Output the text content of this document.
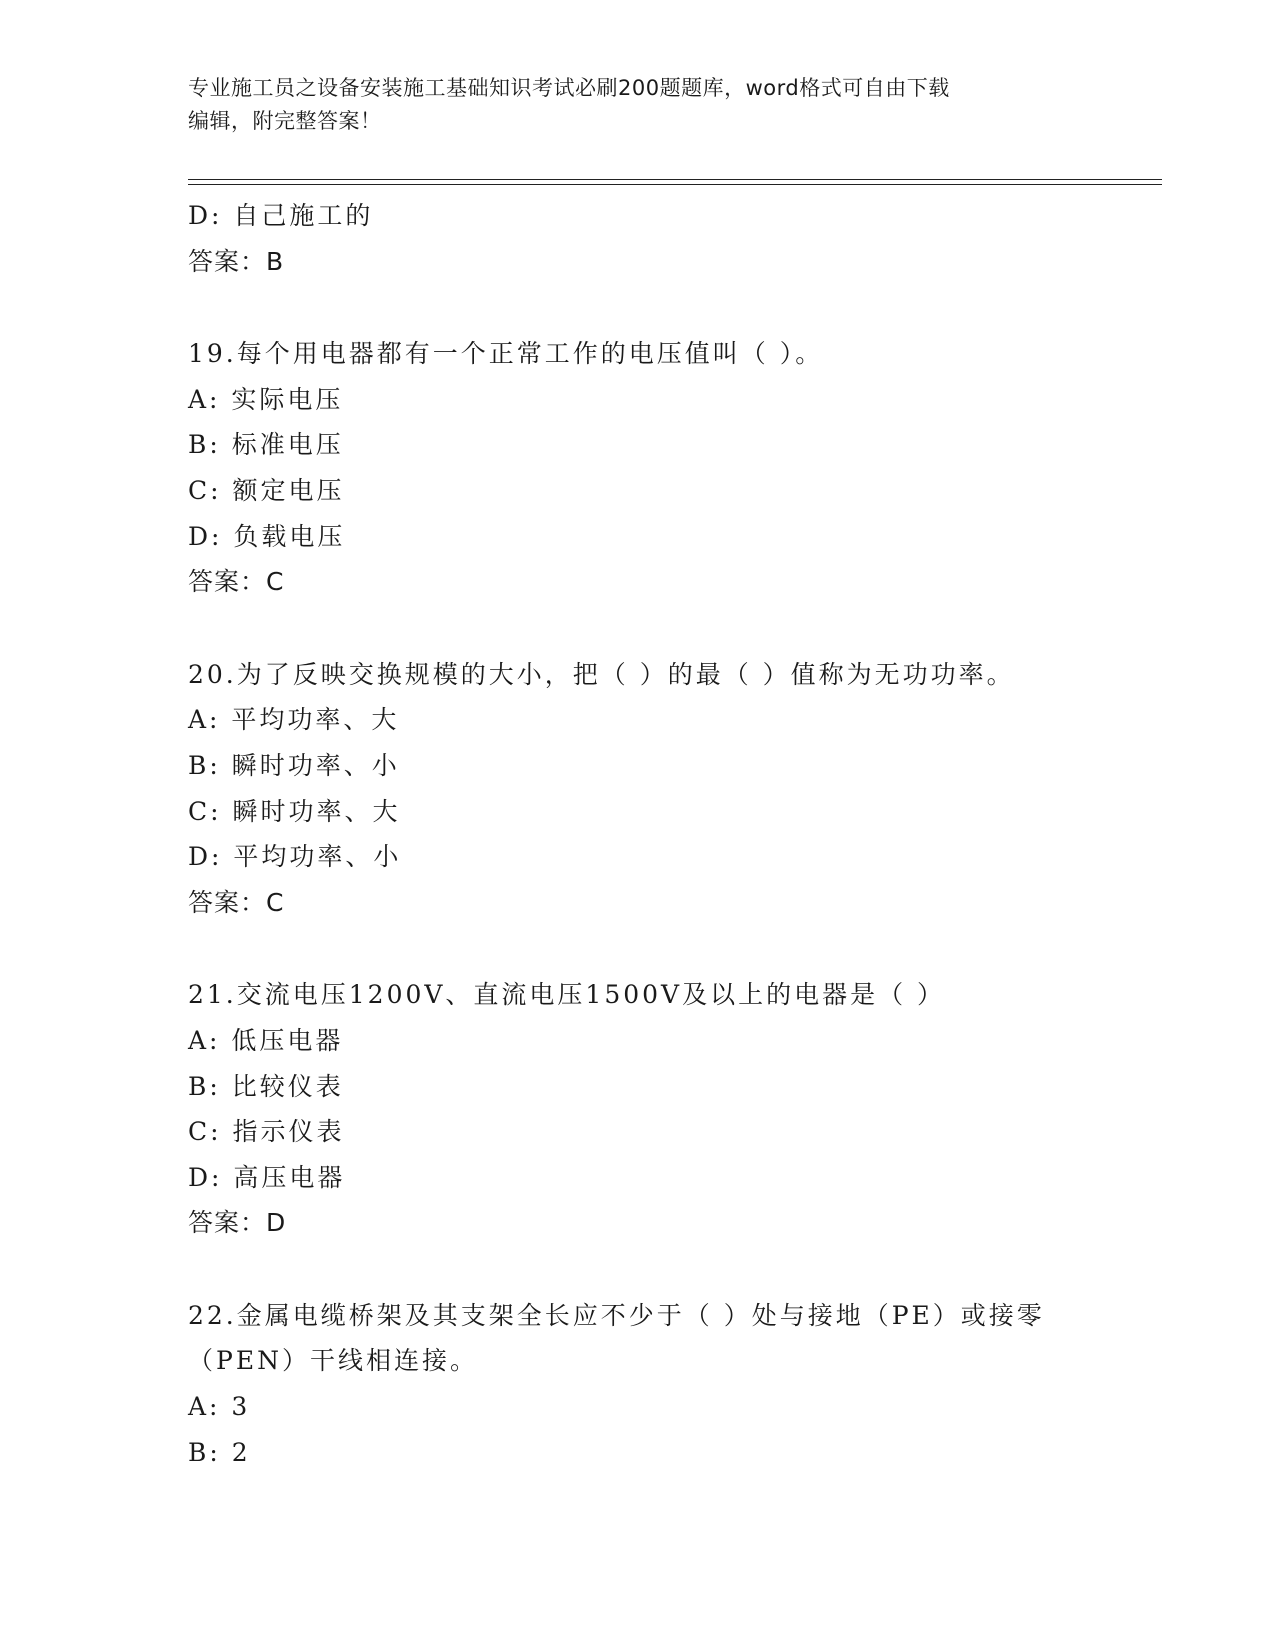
专业施工员之设备安装施工基础知识考试必刷200题题库，word格式可自由下载
编辑，附完整答案！
D: 自己施工的
答案：B
19.每个用电器都有一个正常工作的电压值叫（ ）。
A: 实际电压
B: 标准电压
C: 额定电压
D: 负载电压
答案：C
20.为了反映交换规模的大小，把（ ）的最（ ）值称为无功功率。
A: 平均功率、大
B: 瞬时功率、小
C: 瞬时功率、大
D: 平均功率、小
答案：C
21.交流电压1200V、直流电压1500V及以上的电器是（ ）
A: 低压电器
B: 比较仪表
C: 指示仪表
D: 高压电器
答案：D
22.金属电缆桥架及其支架全长应不少于（ ）处与接地（PE）或接零（PEN）干线相连接。
A: 3
B: 2
